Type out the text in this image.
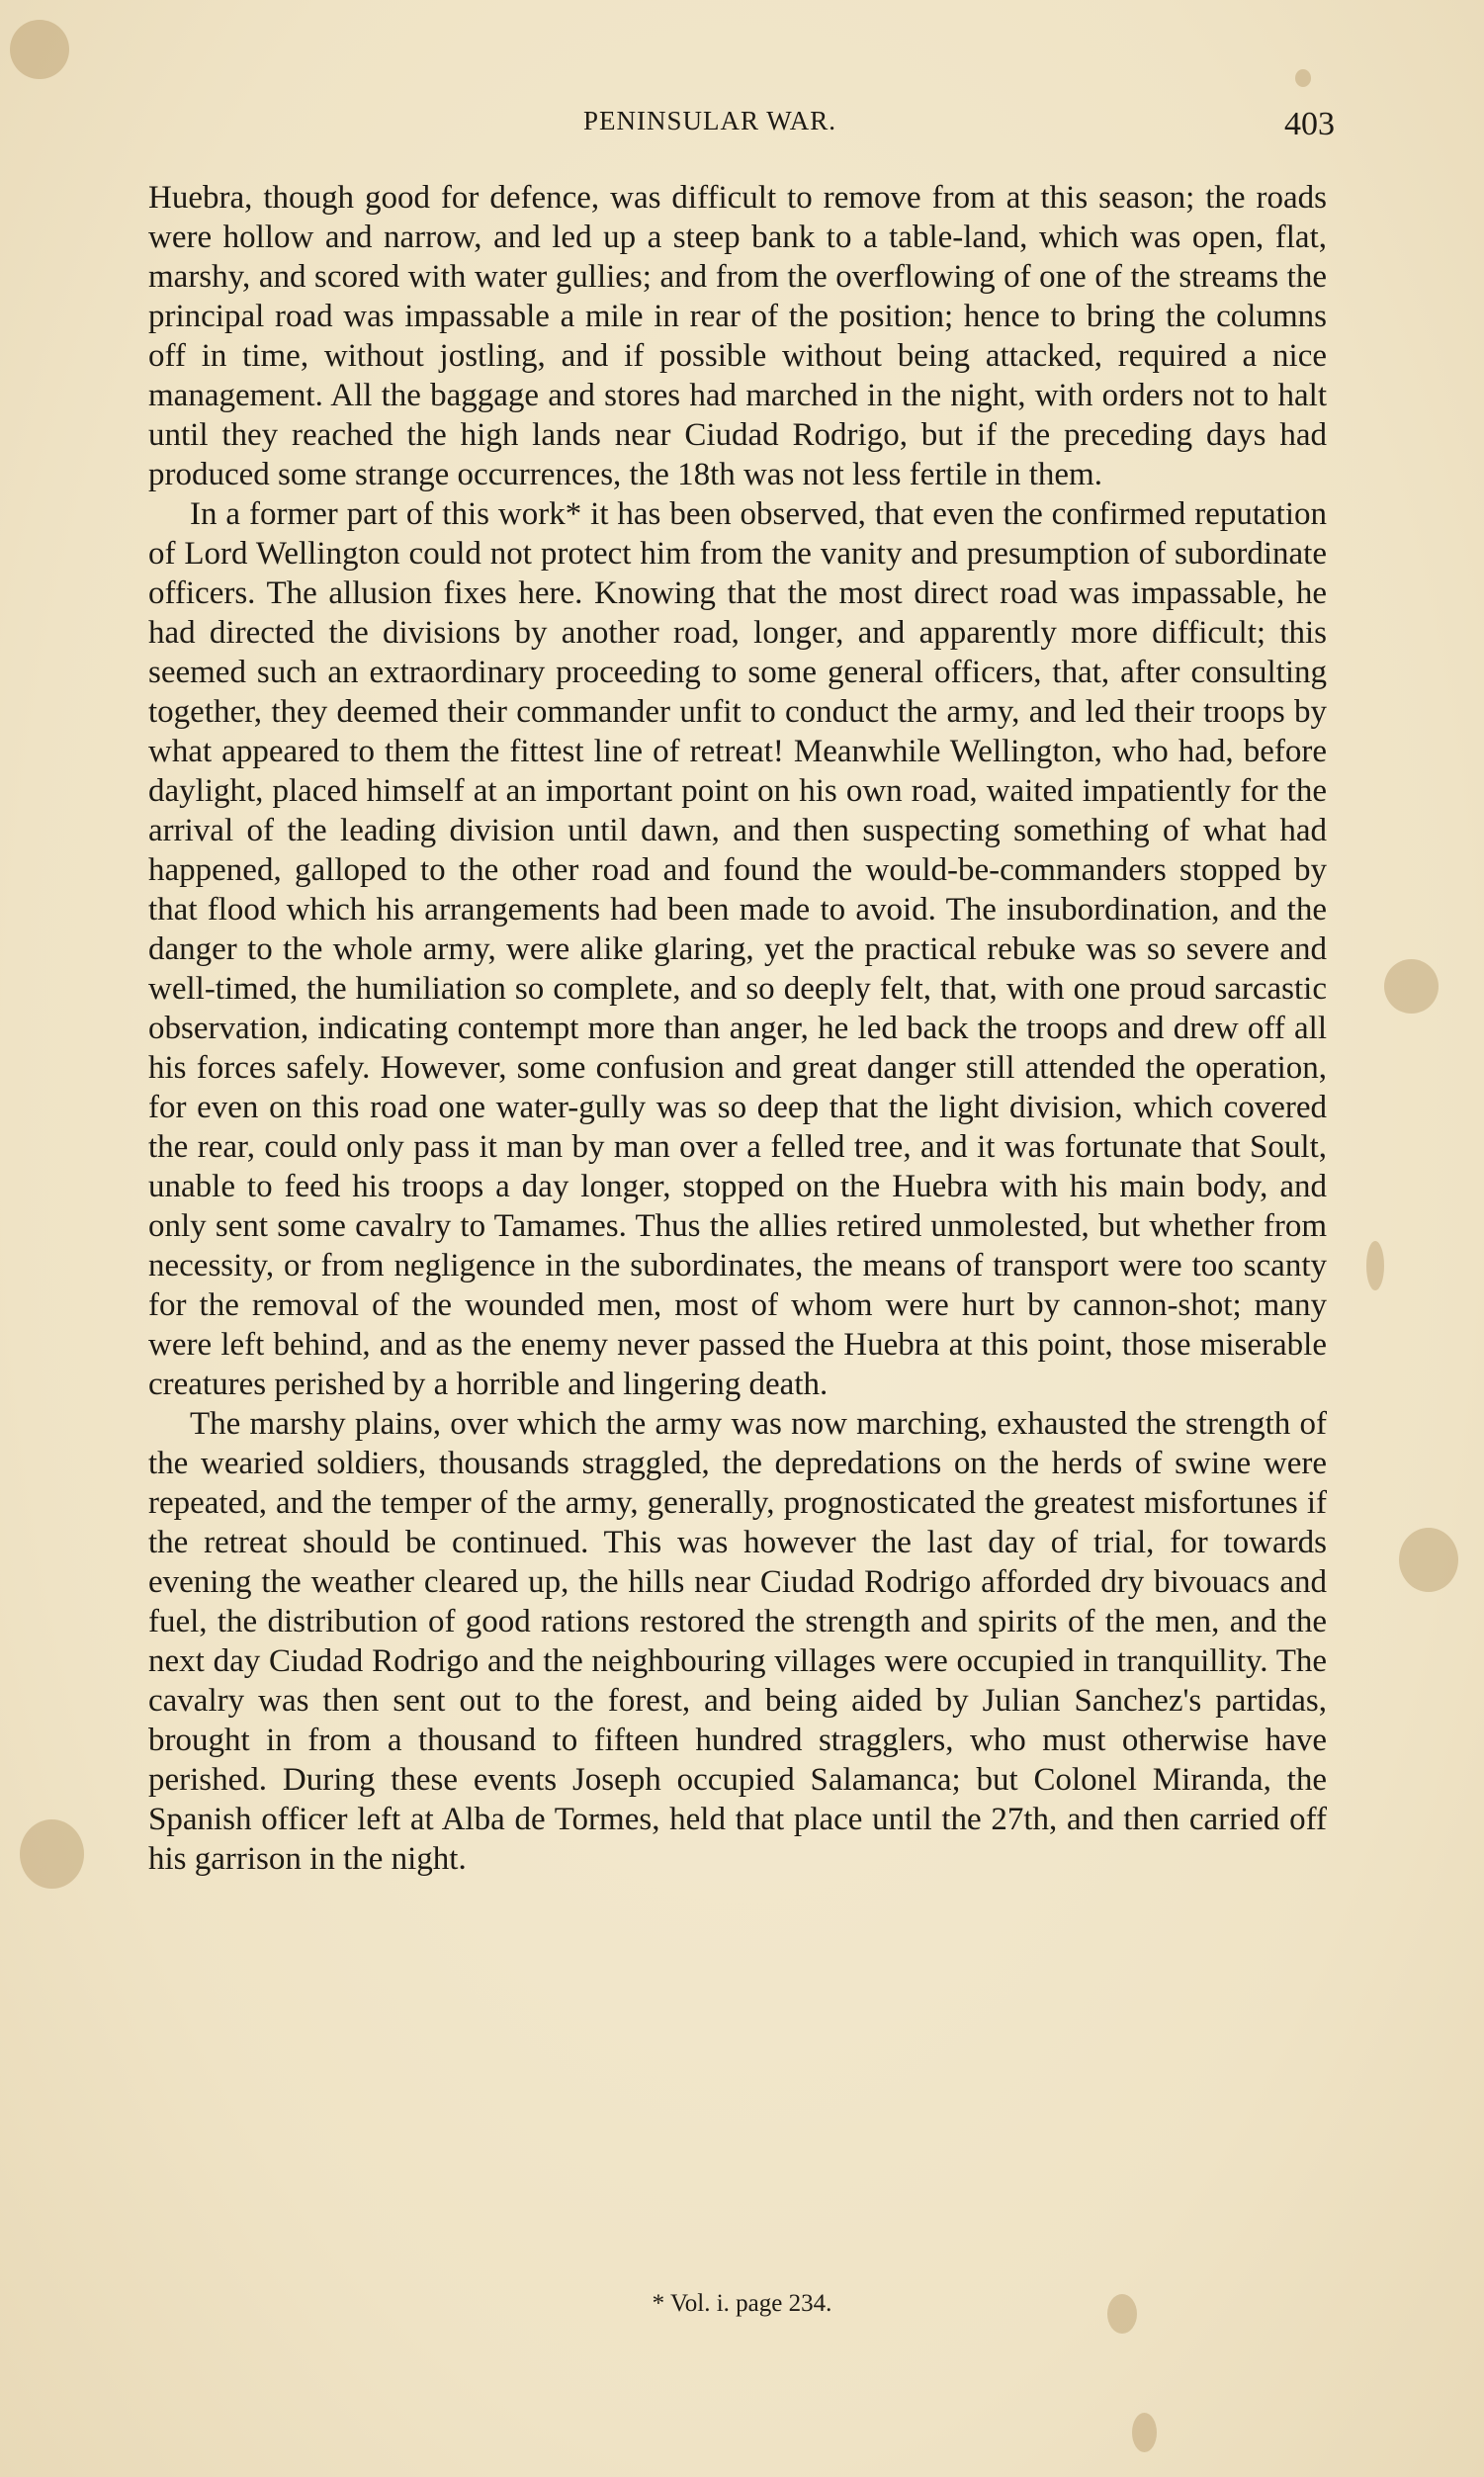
PENINSULAR WAR.	403

Huebra, though good for defence, was difficult to remove from at this season; the roads were hollow and narrow, and led up a steep bank to a table-land, which was open, flat, marshy, and scored with water gullies; and from the overflowing of one of the streams the principal road was impassable a mile in rear of the position; hence to bring the columns off in time, without jostling, and if possible without being attacked, required a nice management. All the baggage and stores had marched in the night, with orders not to halt until they reached the high lands near Ciudad Rodrigo, but if the preceding days had produced some strange occurrences, the 18th was not less fertile in them.

In a former part of this work* it has been observed, that even the confirmed reputation of Lord Wellington could not protect him from the vanity and presumption of subordinate officers. The allusion fixes here. Knowing that the most direct road was impassable, he had directed the divisions by another road, longer, and apparently more difficult; this seemed such an extraordinary proceeding to some general officers, that, after consulting together, they deemed their commander unfit to conduct the army, and led their troops by what appeared to them the fittest line of retreat! Meanwhile Wellington, who had, before daylight, placed himself at an important point on his own road, waited impatiently for the arrival of the leading division until dawn, and then suspecting something of what had happened, galloped to the other road and found the would-be-commanders stopped by that flood which his arrangements had been made to avoid. The insubordination, and the danger to the whole army, were alike glaring, yet the practical rebuke was so severe and well-timed, the humiliation so complete, and so deeply felt, that, with one proud sarcastic observation, indicating contempt more than anger, he led back the troops and drew off all his forces safely. However, some confusion and great danger still attended the operation, for even on this road one water-gully was so deep that the light division, which covered the rear, could only pass it man by man over a felled tree, and it was fortunate that Soult, unable to feed his troops a day longer, stopped on the Huebra with his main body, and only sent some cavalry to Tamames. Thus the allies retired unmolested, but whether from necessity, or from negligence in the subordinates, the means of transport were too scanty for the removal of the wounded men, most of whom were hurt by cannon-shot; many were left behind, and as the enemy never passed the Huebra at this point, those miserable creatures perished by a horrible and lingering death.

The marshy plains, over which the army was now marching, exhausted the strength of the wearied soldiers, thousands straggled, the depredations on the herds of swine were repeated, and the temper of the army, generally, prognosticated the greatest misfortunes if the retreat should be continued. This was however the last day of trial, for towards evening the weather cleared up, the hills near Ciudad Rodrigo afforded dry bivouacs and fuel, the distribution of good rations restored the strength and spirits of the men, and the next day Ciudad Rodrigo and the neighbouring villages were occupied in tranquillity. The cavalry was then sent out to the forest, and being aided by Julian Sanchez's partidas, brought in from a thousand to fifteen hundred stragglers, who must otherwise have perished. During these events Joseph occupied Salamanca; but Colonel Miranda, the Spanish officer left at Alba de Tormes, held that place until the 27th, and then carried off his garrison in the night.

* Vol. i. page 234.
